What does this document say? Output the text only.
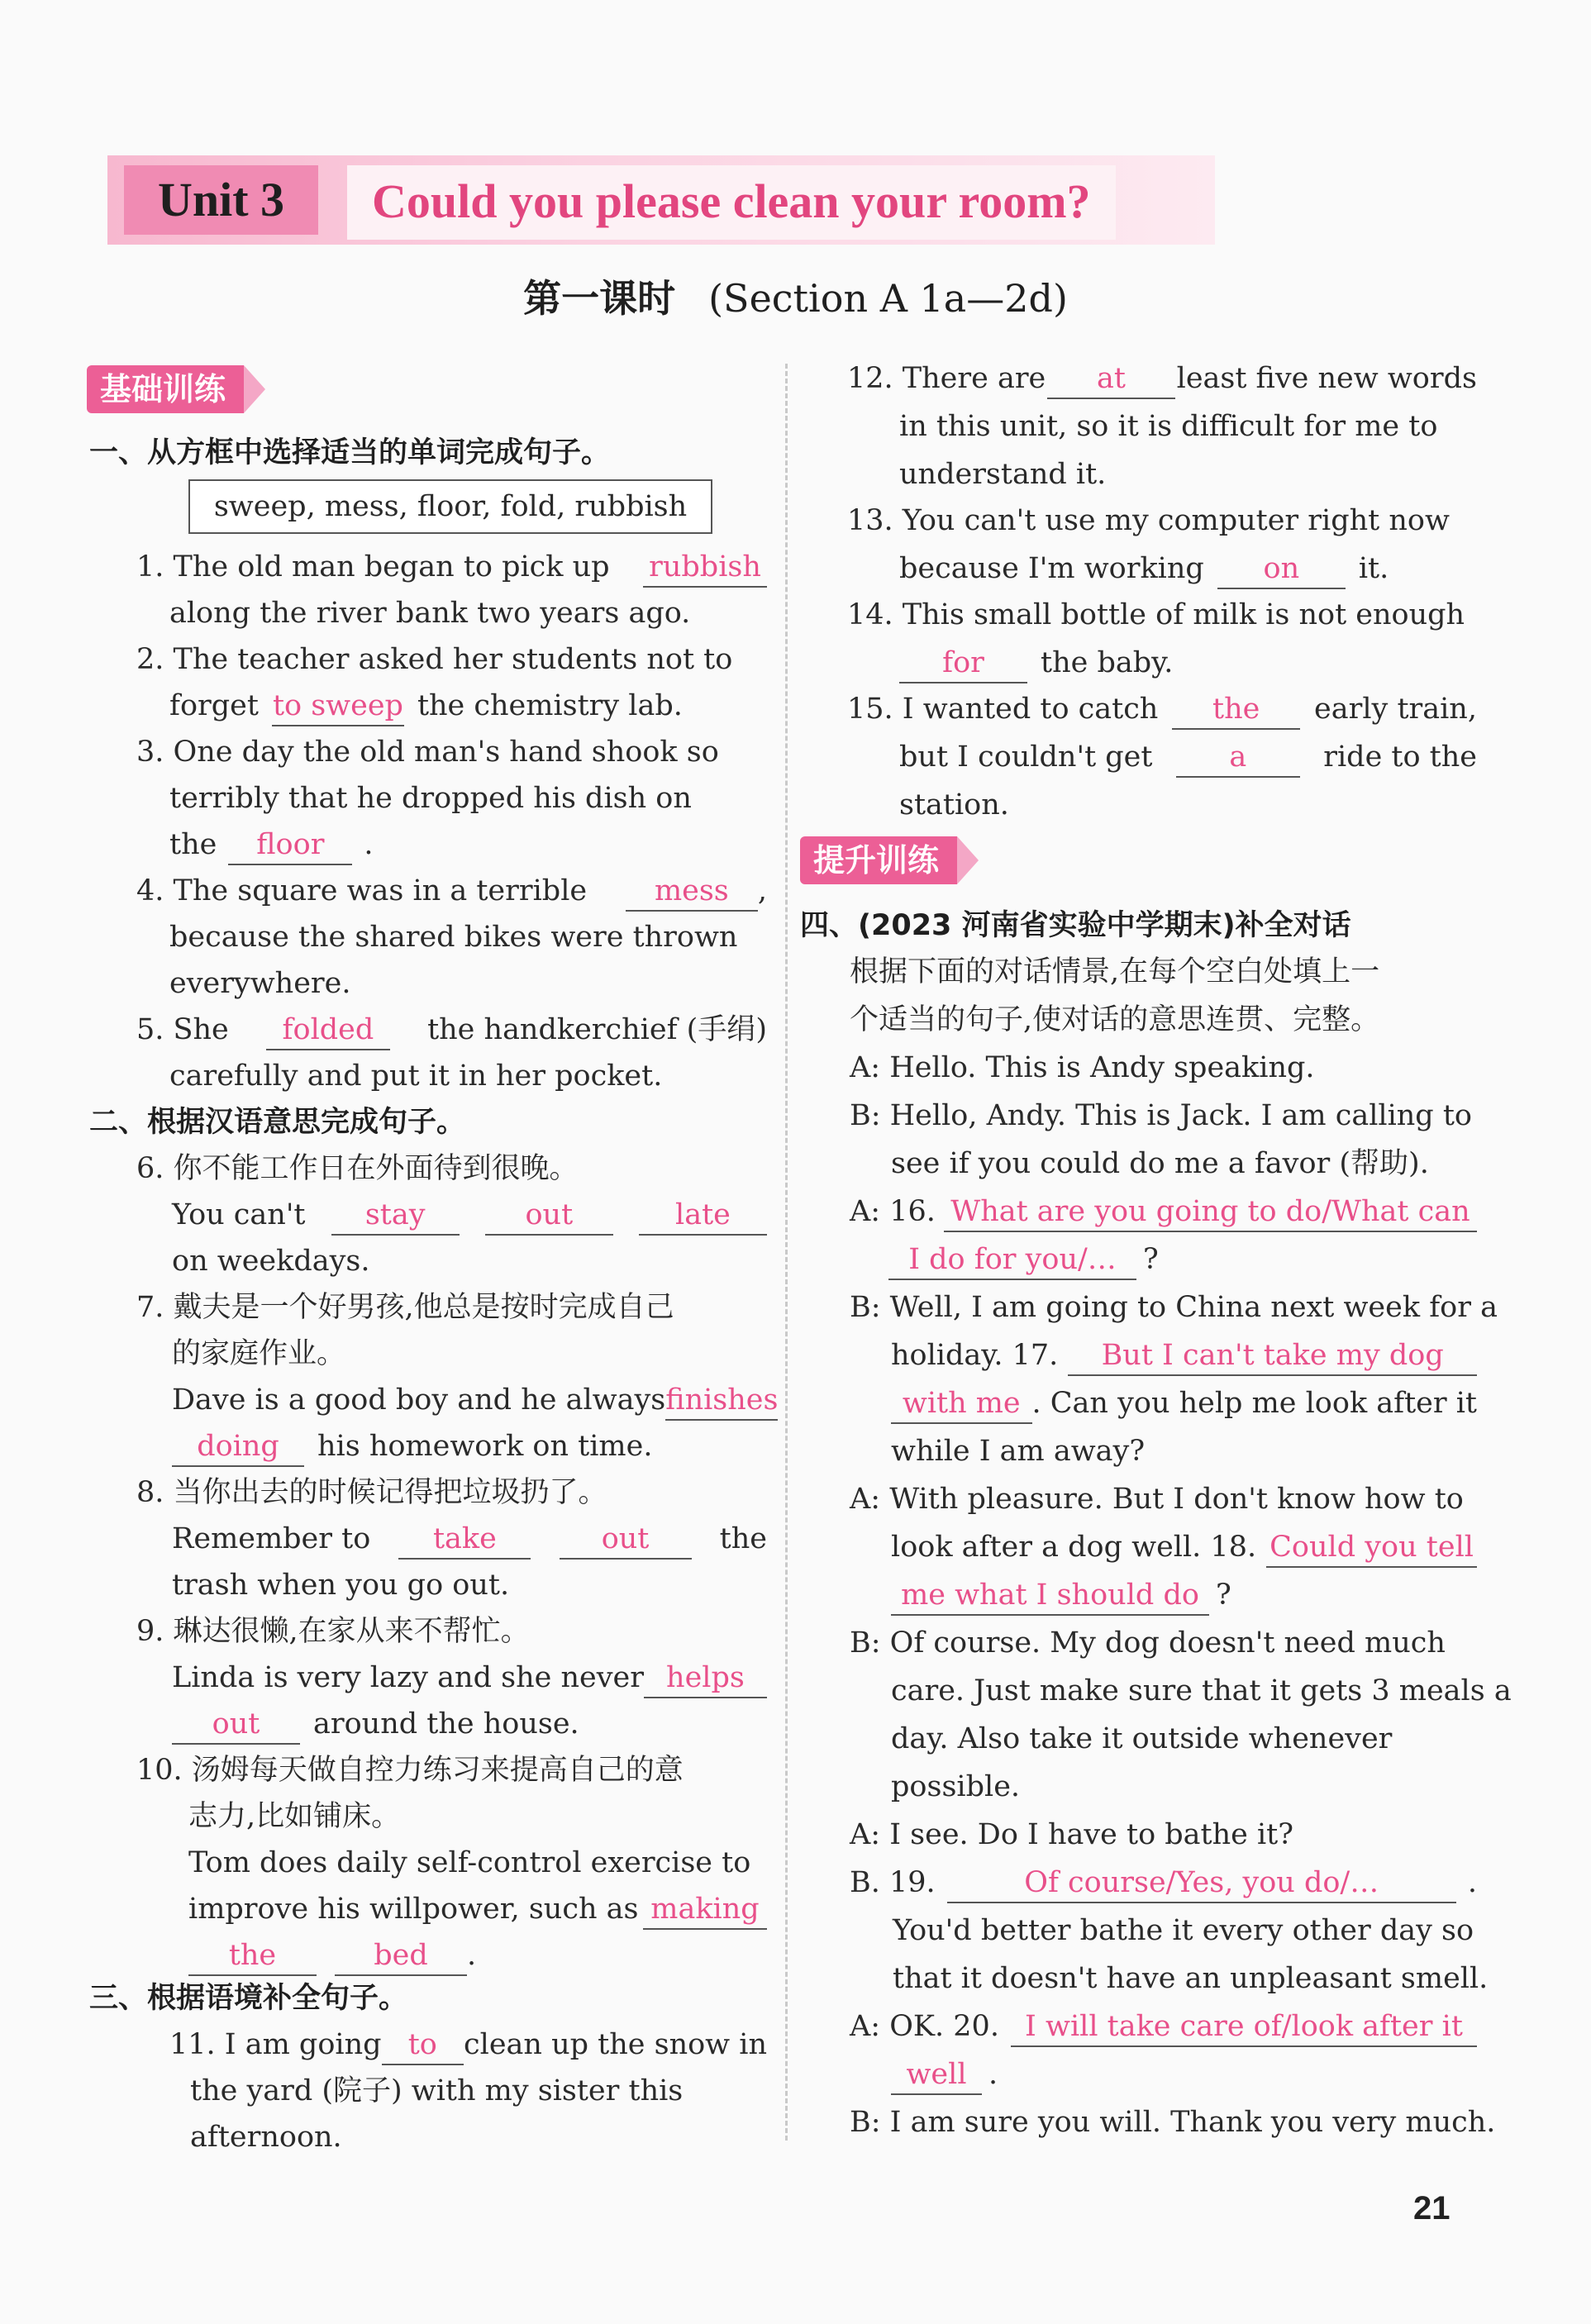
Unit 3	Could you please clean your room?
第一课时 (Section A 1a—2d)
基础训练
一、从方框中选择适当的单词完成句子。
sweep, mess, floor, fold, rubbish
1. The old man began to pick up rubbish
along the river bank two years ago.
2. The teacher asked her students not to
forget to sweep the chemistry lab.
3. One day the old man's hand shook so
terribly that he dropped his dish on
the	floor	.
4. The square was in a terrible	mess ,
because the shared bikes were thrown
everywhere.
5. She	folded	the handkerchief (手绢)
carefully and put it in her pocket.
二、根据汉语意思完成句子。
6. 你不能工作日在外面待到很晚。
You can't	stay	out	late
on weekdays.
7. 戴夫是一个好男孩,他总是按时完成自己
的家庭作业。
Dave is a good boy and he always finishes
doing	his homework on time.
8. 当你出去的时候记得把垃圾扔了。
Remember to	take	out	the
trash when you go out.
9. 琳达很懒,在家从来不帮忙。
Linda is very lazy and she never helps
out	around the house.
10. 汤姆每天做自控力练习来提高自己的意
志力,比如铺床。
Tom does daily self-control exercise to
improve his willpower, such as making
the	bed .
三、根据语境补全句子。
11. I am going to clean up the snow in
the yard (院子) with my sister this
afternoon.
12. There are	at	least five new words
in this unit, so it is difficult for me to
understand it.
13. You can't use my computer right now
because I'm working	on	it.
14. This small bottle of milk is not enough
for	the baby.
15. I wanted to catch	the	early train,
but I couldn't get	a	ride to the
station.
提升训练
四、(2023 河南省实验中学期末)补全对话
根据下面的对话情景,在每个空白处填上一
个适当的句子,使对话的意思连贯、完整。
A: Hello. This is Andy speaking.
B: Hello, Andy. This is Jack. I am calling to
see if you could do me a favor (帮助).
A: 16. What are you going to do/What can
I do for you/… ?
B: Well, I am going to China next week for a
holiday. 17.	But I can't take my dog
with me . Can you help me look after it
while I am away?
A: With pleasure. But I don't know how to
look after a dog well. 18. Could you tell
me what I should do ?
B: Of course. My dog doesn't need much
care. Just make sure that it gets 3 meals a
day. Also take it outside whenever
possible.
A: I see. Do I have to bathe it?
B. 19.	Of course/Yes, you do/…	.
You'd better bathe it every other day so
that it doesn't have an unpleasant smell.
A: OK. 20. I will take care of/look after it
well .
B: I am sure you will. Thank you very much.
21
